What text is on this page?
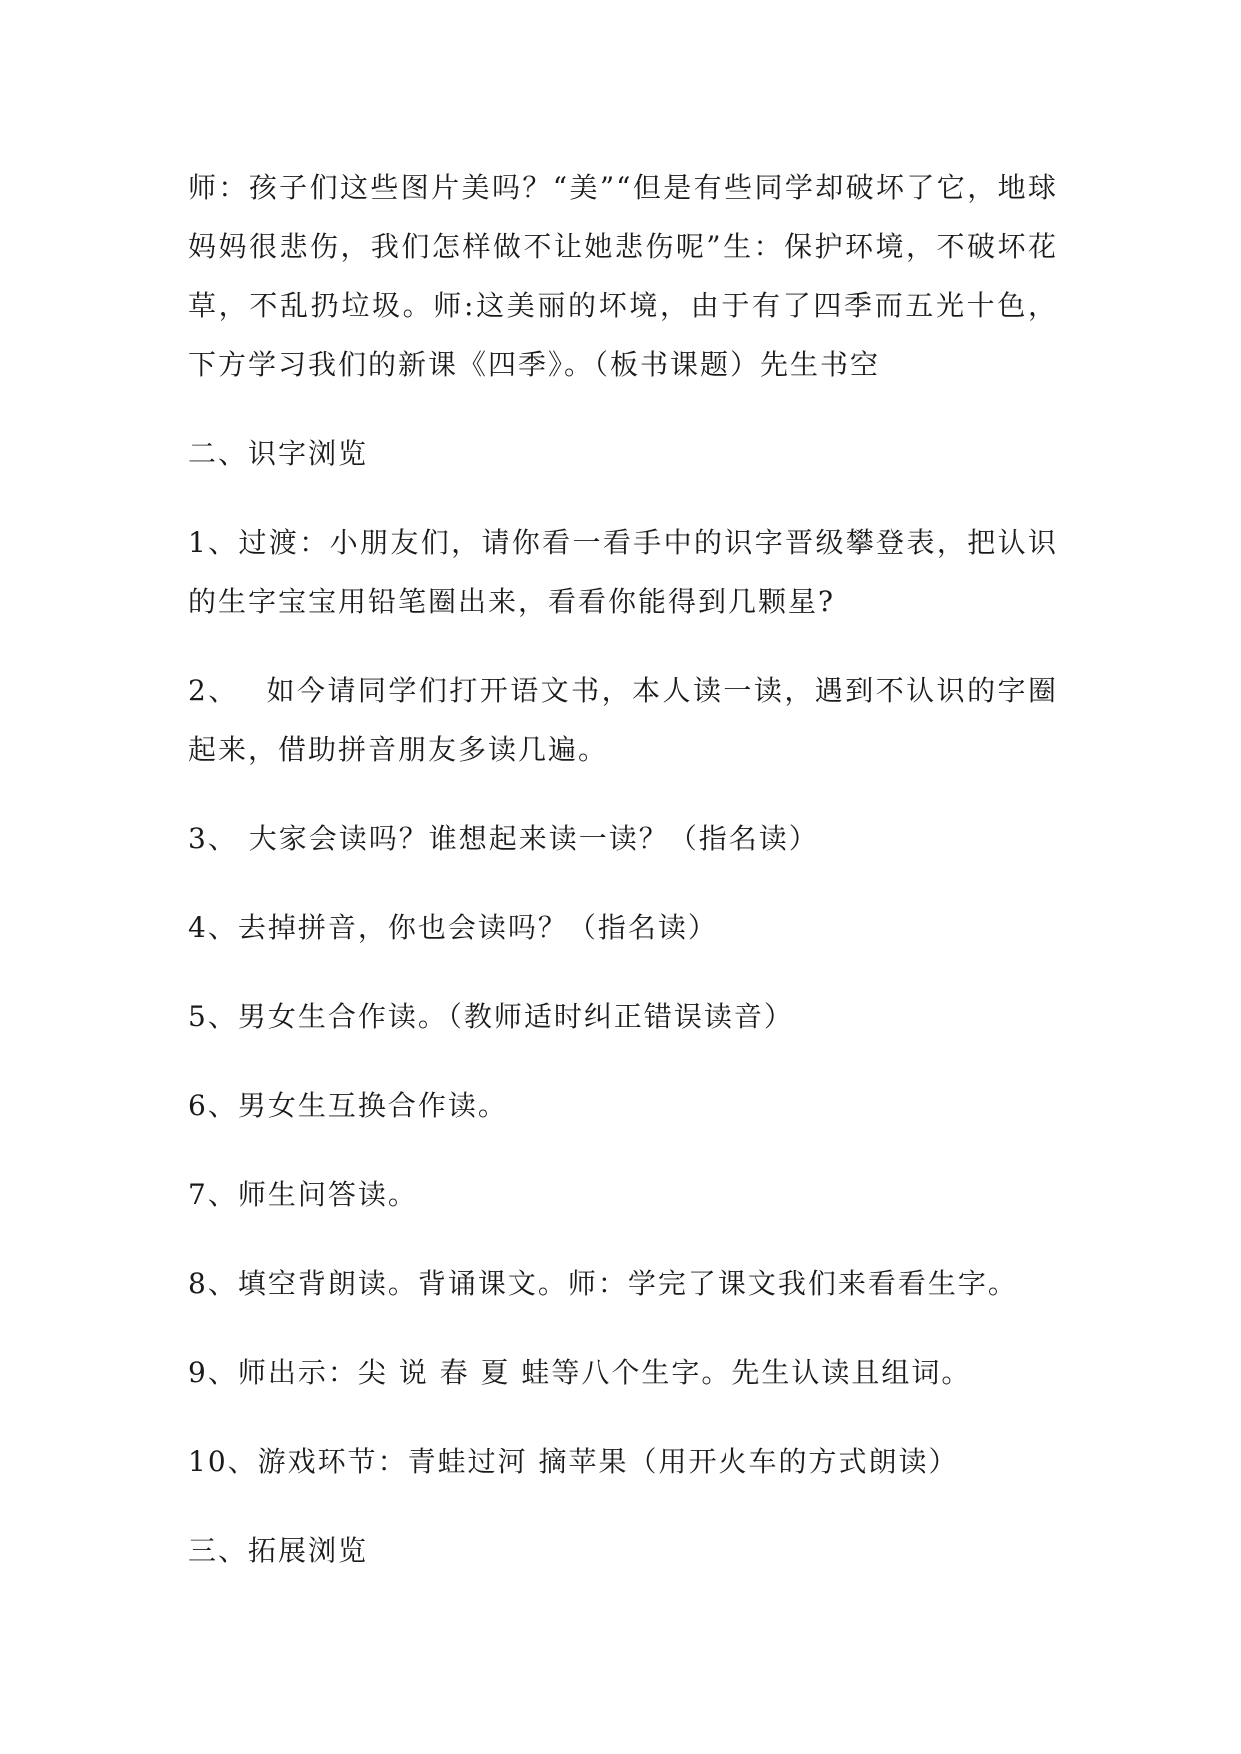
师：孩子们这些图片美吗？“美”“但是有些同学却破坏了它，地球妈妈很悲伤，我们怎样做不让她悲伤呢”生：保护环境，不破坏花草，不乱扔垃圾。师:这美丽的坏境，由于有了四季而五光十色，下方学习我们的新课《四季》。（板书课题）先生书空

二、识字浏览

1、过渡：小朋友们，请你看一看手中的识字晋级攀登表，把认识的生字宝宝用铅笔圈出来，看看你能得到几颗星?

2、　 如今请同学们打开语文书，本人读一读，遇到不认识的字圈起来，借助拼音朋友多读几遍。

3、 大家会读吗？谁想起来读一读？（指名读）

4、去掉拼音，你也会读吗？（指名读）

5、男女生合作读。（教师适时纠正错误读音）

6、男女生互换合作读。

7、师生问答读。

8、填空背朗读。背诵课文。师：学完了课文我们来看看生字。

9、师出示：尖 说 春 夏 蛙等八个生字。先生认读且组词。

10、游戏环节：青蛙过河 摘苹果（用开火车的方式朗读）

三、拓展浏览
